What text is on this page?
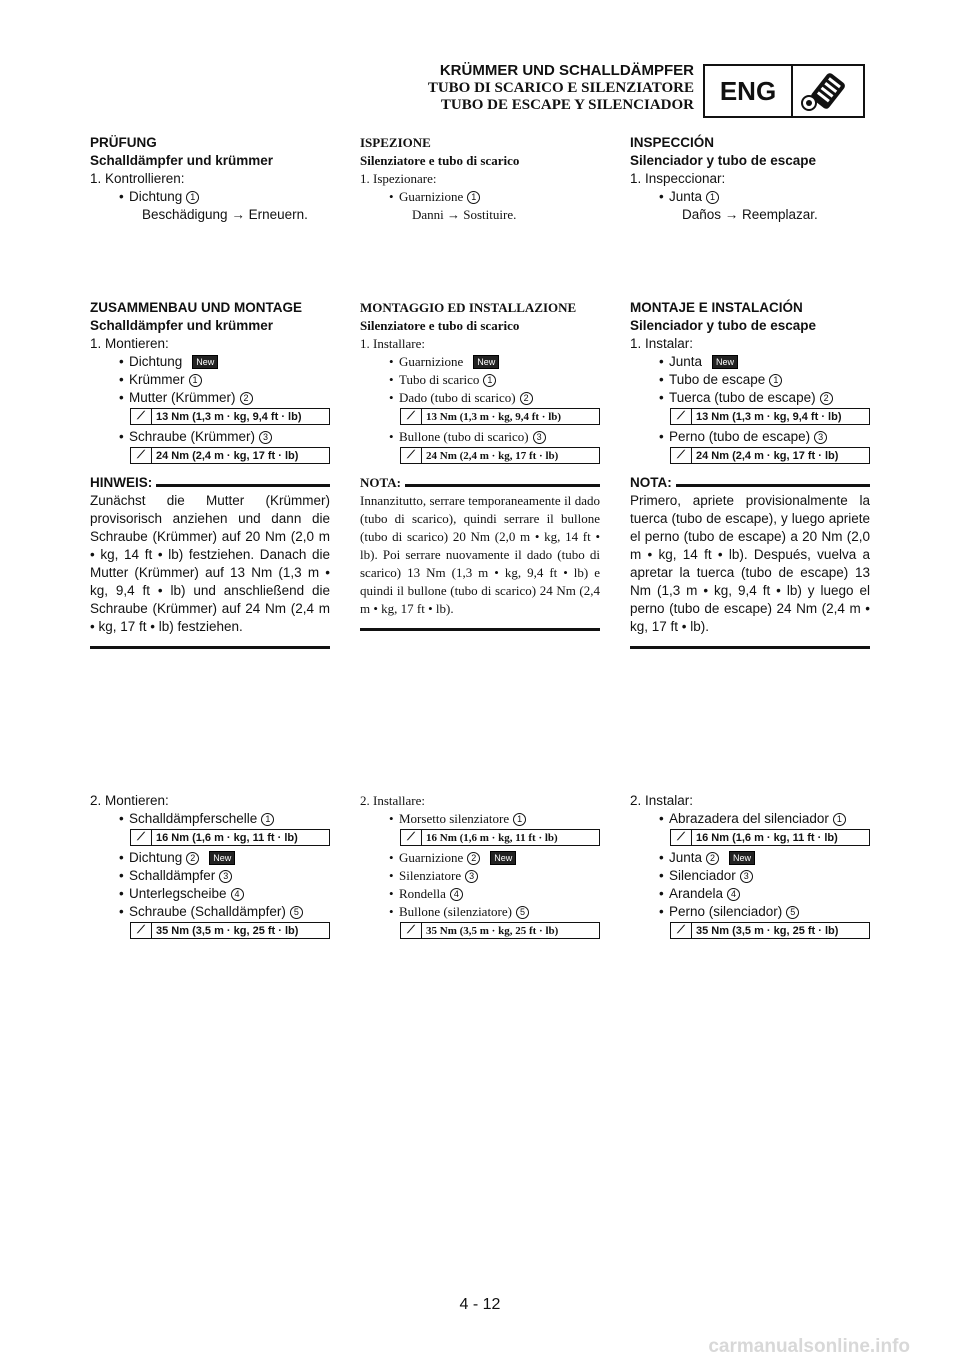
KRÜMMER UND SCHALLDÄMPFER
TUBO DI SCARICO E SILENZIATORE
TUBO DE ESCAPE Y SILENCIADOR ENG
PRÜFUNG
Schalldämpfer und krümmer
1. Kontrollieren:
• Dichtung 1
Beschädigung → Erneuern.
ZUSAMMENBAU UND MONTAGE
Schalldämpfer und krümmer
1. Montieren:
• Dichtung New
• Krümmer 1
• Mutter (Krümmer) 2
⟋	13 Nm (1,3 m · kg, 9,4 ft · lb)
• Schraube (Krümmer) 3
⟋	24 Nm (2,4 m · kg, 17 ft · lb)
HINWEIS:
Zunächst die Mutter (Krümmer) provisorisch anziehen und dann die Schraube (Krümmer) auf 20 Nm (2,0 m • kg, 14 ft • lb) festziehen. Danach die Mutter (Krümmer) auf 13 Nm (1,3 m • kg, 9,4 ft • lb) und anschließend die Schraube (Krümmer) auf 24 Nm (2,4 m • kg, 17 ft • lb) festziehen.
2. Montieren:
• Schalldämpferschelle 1
⟋	16 Nm (1,6 m · kg, 11 ft · lb)
• Dichtung 2 New
• Schalldämpfer 3
• Unterlegscheibe 4
• Schraube (Schalldämpfer) 5
⟋	35 Nm (3,5 m · kg, 25 ft · lb)
ISPEZIONE
Silenziatore e tubo di scarico
1. Ispezionare:
• Guarnizione 1
Danni → Sostituire.
MONTAGGIO ED INSTALLAZIONE
Silenziatore e tubo di scarico
1. Installare:
• Guarnizione New
• Tubo di scarico 1
• Dado (tubo di scarico) 2
⟋	13 Nm (1,3 m · kg, 9,4 ft · lb)
• Bullone (tubo di scarico) 3
⟋	24 Nm (2,4 m · kg, 17 ft · lb)
NOTA:
Innanzitutto, serrare temporaneamente il dado (tubo di scarico), quindi serrare il bullone (tubo di scarico) 20 Nm (2,0 m • kg, 14 ft • lb). Poi serrare nuovamente il dado (tubo di scarico) 13 Nm (1,3 m • kg, 9,4 ft • lb) e quindi il bullone (tubo di scarico) 24 Nm (2,4 m • kg, 17 ft • lb).
2. Installare:
• Morsetto silenziatore 1
⟋	16 Nm (1,6 m · kg, 11 ft · lb)
• Guarnizione 2 New
• Silenziatore 3
• Rondella 4
• Bullone (silenziatore) 5
⟋	35 Nm (3,5 m · kg, 25 ft · lb)
INSPECCIÓN
Silenciador y tubo de escape
1. Inspeccionar:
• Junta 1
Daños → Reemplazar.
MONTAJE E INSTALACIÓN
Silenciador y tubo de escape
1. Instalar:
• Junta New
• Tubo de escape 1
• Tuerca (tubo de escape) 2
⟋	13 Nm (1,3 m · kg, 9,4 ft · lb)
• Perno (tubo de escape) 3
⟋	24 Nm (2,4 m · kg, 17 ft · lb)
NOTA:
Primero, apriete provisionalmente la tuerca (tubo de escape), y luego apriete el perno (tubo de escape) a 20 Nm (2,0 m • kg, 14 ft • lb). Después, vuelva a apretar la tuerca (tubo de escape) 13 Nm (1,3 m • kg, 9,4 ft • lb) y luego el perno (tubo de escape) 24 Nm (2,4 m • kg, 17 ft • lb).
2. Instalar:
• Abrazadera del silenciador 1
⟋	16 Nm (1,6 m · kg, 11 ft · lb)
• Junta 2 New
• Silenciador 3
• Arandela 4
• Perno (silenciador) 5
⟋	35 Nm (3,5 m · kg, 25 ft · lb)
4 - 12
carmanualsonline.info
